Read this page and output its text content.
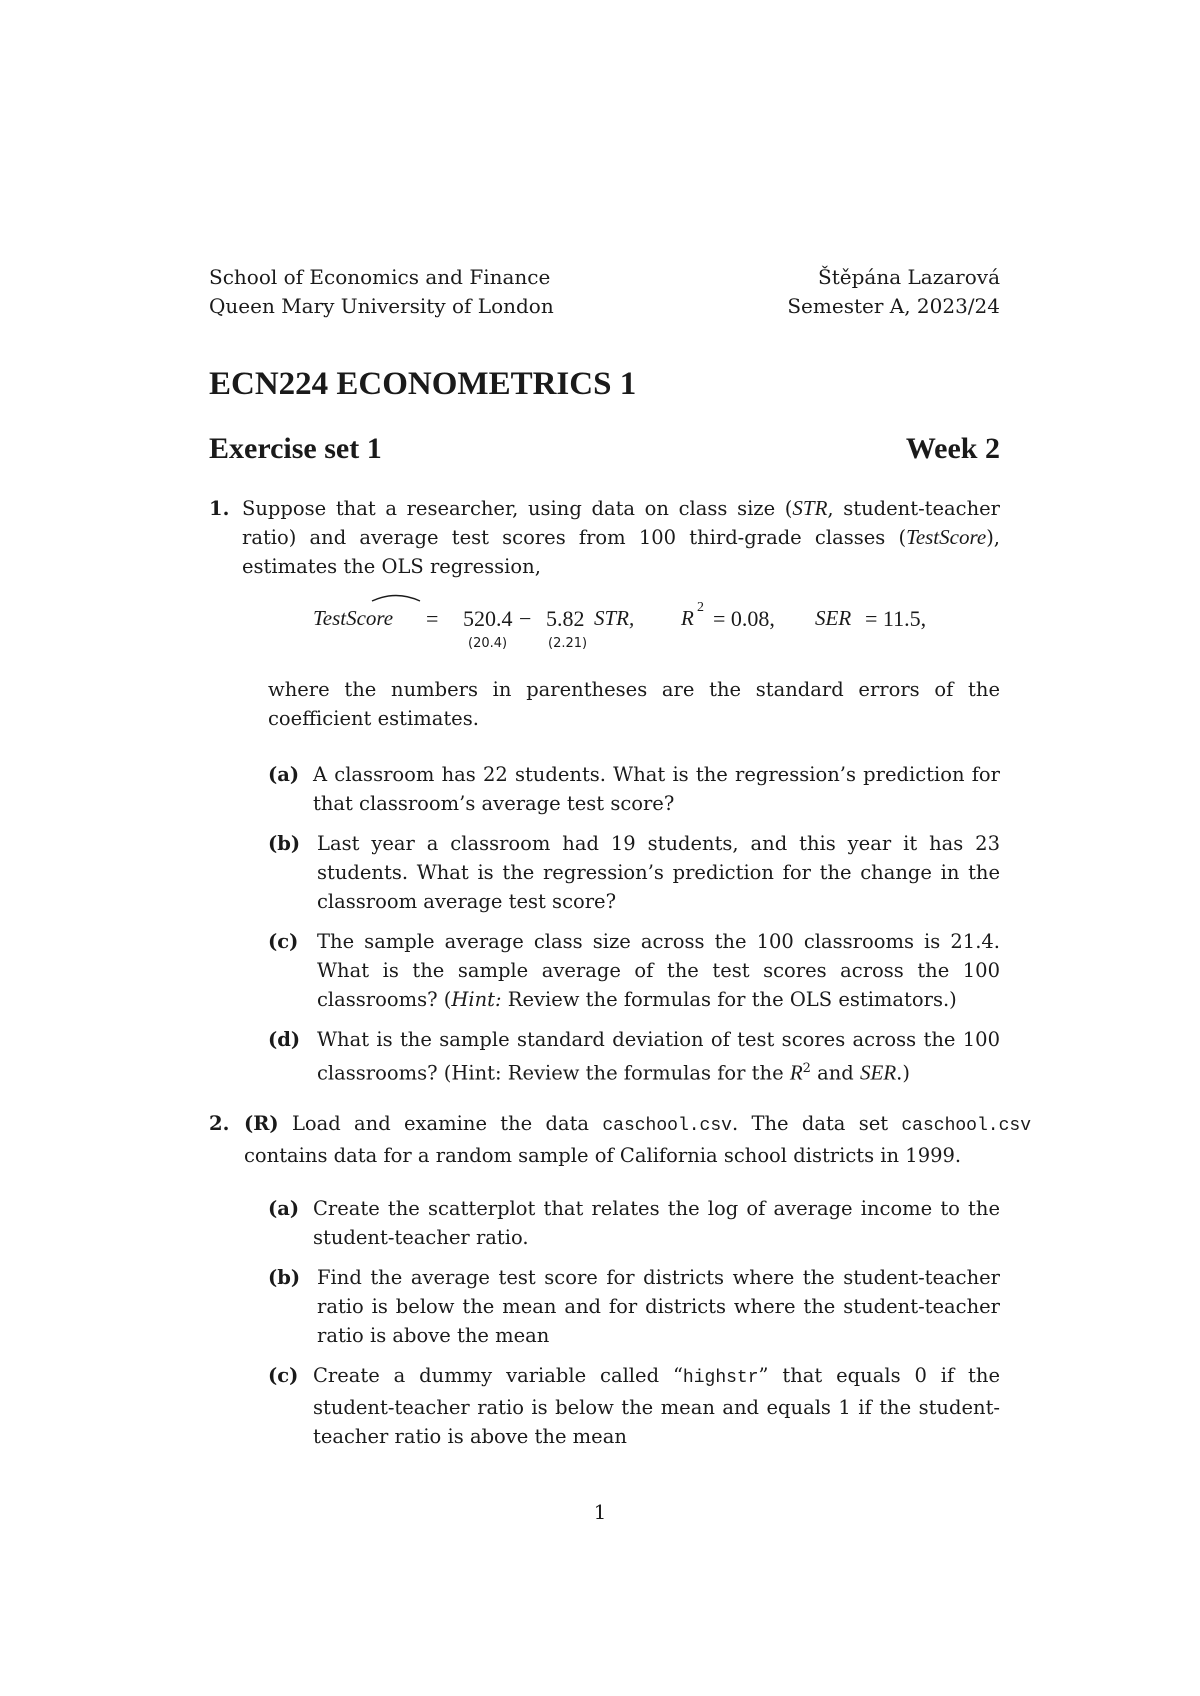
School of Economics and Finance
Queen Mary University of London
Štěpána Lazarová
Semester A, 2023/24
ECN224 ECONOMETRICS 1
Exercise set 1	Week 2
1. Suppose that a researcher, using data on class size (STR, student-teacher ratio) and average test scores from 100 third-grade classes (TestScore), estimates the OLS regression,
TestScore = 520.4 − 5.82 STR,
(20.4)	(2.21)
R 2 = 0.08, SER = 11.5,
where the numbers in parentheses are the standard errors of the coefficient estimates.
(a) A classroom has 22 students. What is the regression’s prediction for that classroom’s average test score?
(b) Last year a classroom had 19 students, and this year it has 23 students. What is the regression’s prediction for the change in the classroom average test score?
(c) The sample average class size across the 100 classrooms is 21.4. What is the sample average of the test scores across the 100 classrooms? (Hint: Review the formulas for the OLS estimators.)
(d) What is the sample standard deviation of test scores across the 100 classrooms? (Hint: Review the formulas for the $R^2$ and SER.)
2. (R) Load and examine the data caschool.csv. The data set caschool.csv contains data for a random sample of California school districts in 1999.
(a) Create the scatterplot that relates the log of average income to the student-teacher ratio.
(b) Find the average test score for districts where the student-teacher ratio is below the mean and for districts where the student-teacher ratio is above the mean
(c) Create a dummy variable called “highstr” that equals 0 if the student-teacher ratio is below the mean and equals 1 if the student-teacher ratio is above the mean
1
